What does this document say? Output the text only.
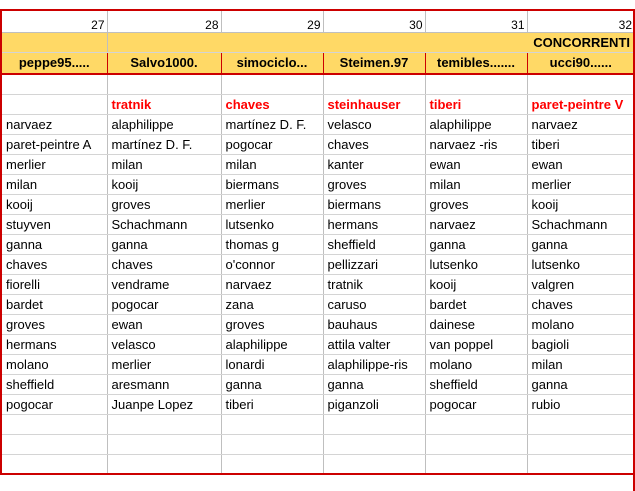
27	28	29	30	31	32
	CONCORRENTI				
peppe95.....	Salvo1000.	simociclo...	Steimen.97	temibles.......	ucci90......

	tratnik	chaves	steinhauser	tiberi	paret-peintre V
narvaez	alaphilippe	martínez D. F.	velasco	alaphilippe	narvaez
paret-peintre A	martínez D. F.	pogocar	chaves	narvaez -ris	tiberi
merlier	milan	milan	kanter	ewan	ewan
milan	kooij	biermans	groves	milan	merlier
kooij	groves	merlier	biermans	groves	kooij
stuyven	Schachmann	lutsenko	hermans	narvaez	Schachmann
ganna	ganna	thomas g	sheffield	ganna	ganna
chaves	chaves	o'connor	pellizzari	lutsenko	lutsenko
fiorelli	vendrame	narvaez	tratnik	kooij	valgren
bardet	pogocar	zana	caruso	bardet	chaves
groves	ewan	groves	bauhaus	dainese	molano
hermans	velasco	alaphilippe	attila valter	van poppel	bagioli
molano	merlier	lonardi	alaphilippe-ris	molano	milan
sheffield	aresmann	ganna	ganna	sheffield	ganna
pogocar	Juanpe Lopez	tiberi	piganzoli	pogocar	rubio
